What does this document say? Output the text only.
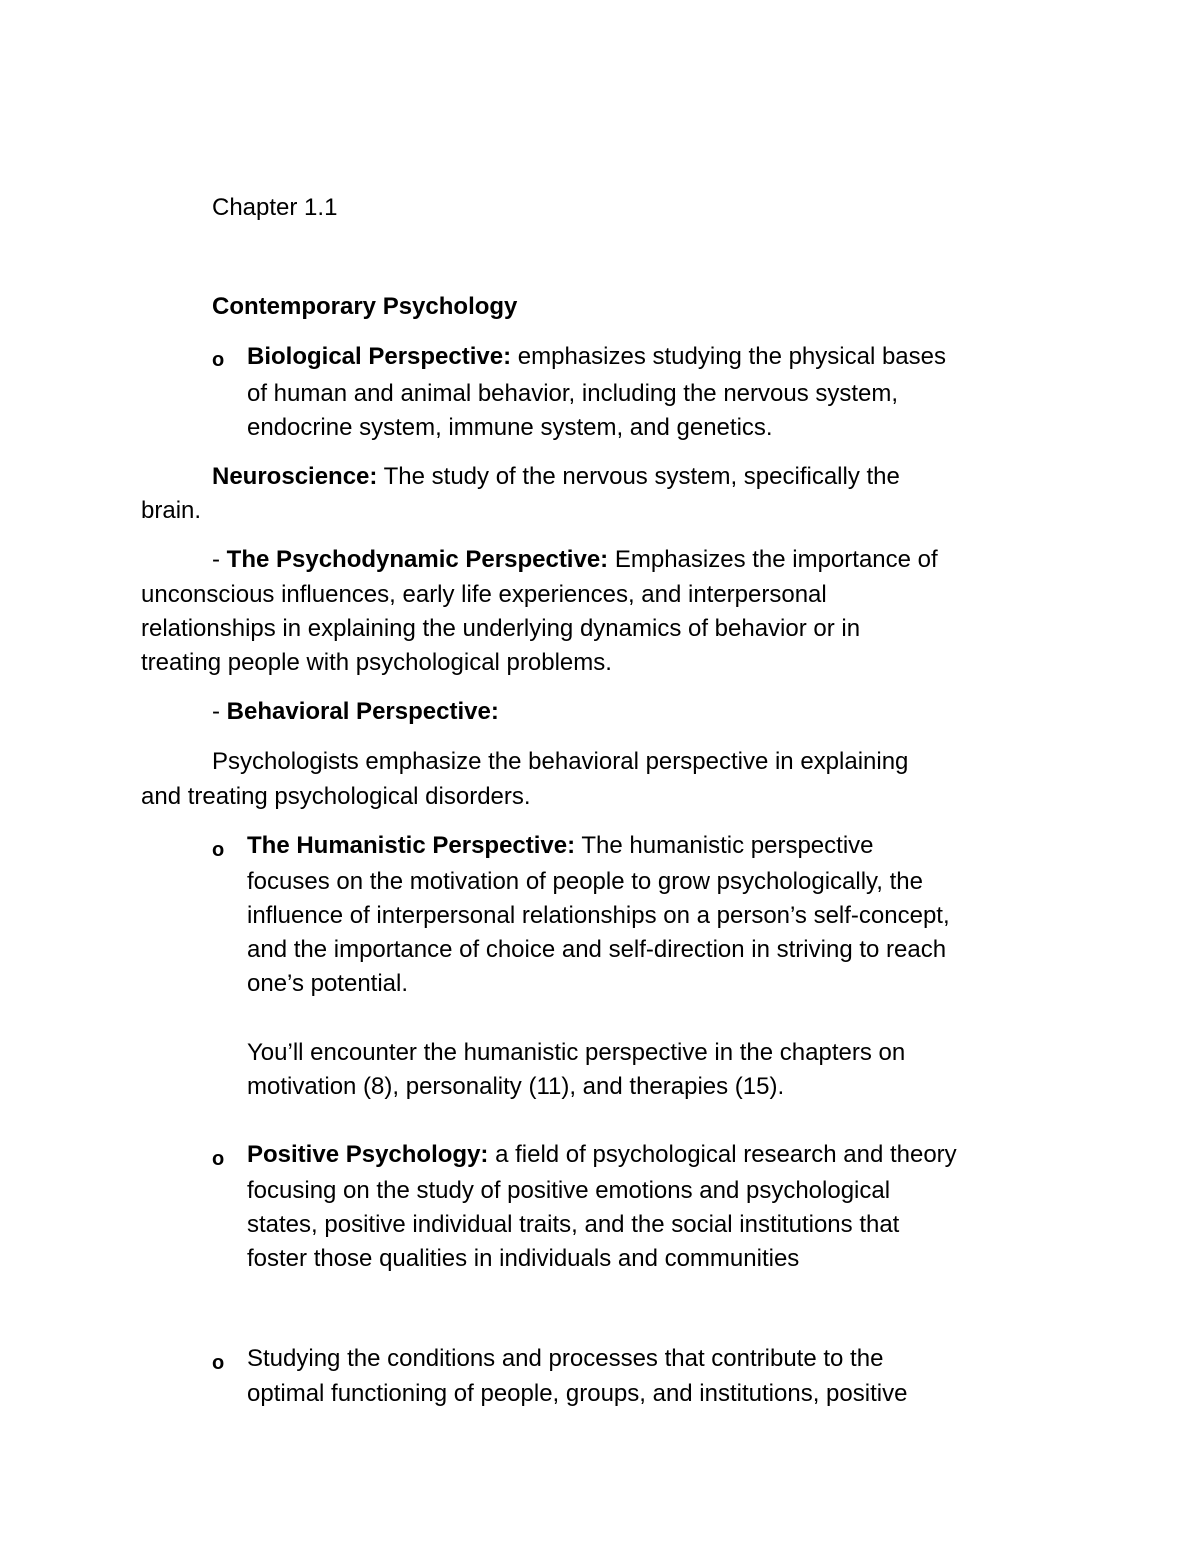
Chapter 1.1

Contemporary Psychology

o Biological Perspective: emphasizes studying the physical bases

of human and animal behavior, including the nervous system,

endocrine system, immune system, and genetics.

Neuroscience: The study of the nervous system, specifically the

brain.

- The Psychodynamic Perspective: Emphasizes the importance of

unconscious influences, early life experiences, and interpersonal

relationships in explaining the underlying dynamics of behavior or in

treating people with psychological problems.

- Behavioral Perspective:

Psychologists emphasize the behavioral perspective in explaining

and treating psychological disorders.

o The Humanistic Perspective: The humanistic perspective

focuses on the motivation of people to grow psychologically, the

influence of interpersonal relationships on a person’s self-concept,

and the importance of choice and self-direction in striving to reach

one’s potential.

You’ll encounter the humanistic perspective in the chapters on

motivation (8), personality (11), and therapies (15).

o Positive Psychology: a field of psychological research and theory

focusing on the study of positive emotions and psychological

states, positive individual traits, and the social institutions that

foster those qualities in individuals and communities

o Studying the conditions and processes that contribute to the

optimal functioning of people, groups, and institutions, positive
